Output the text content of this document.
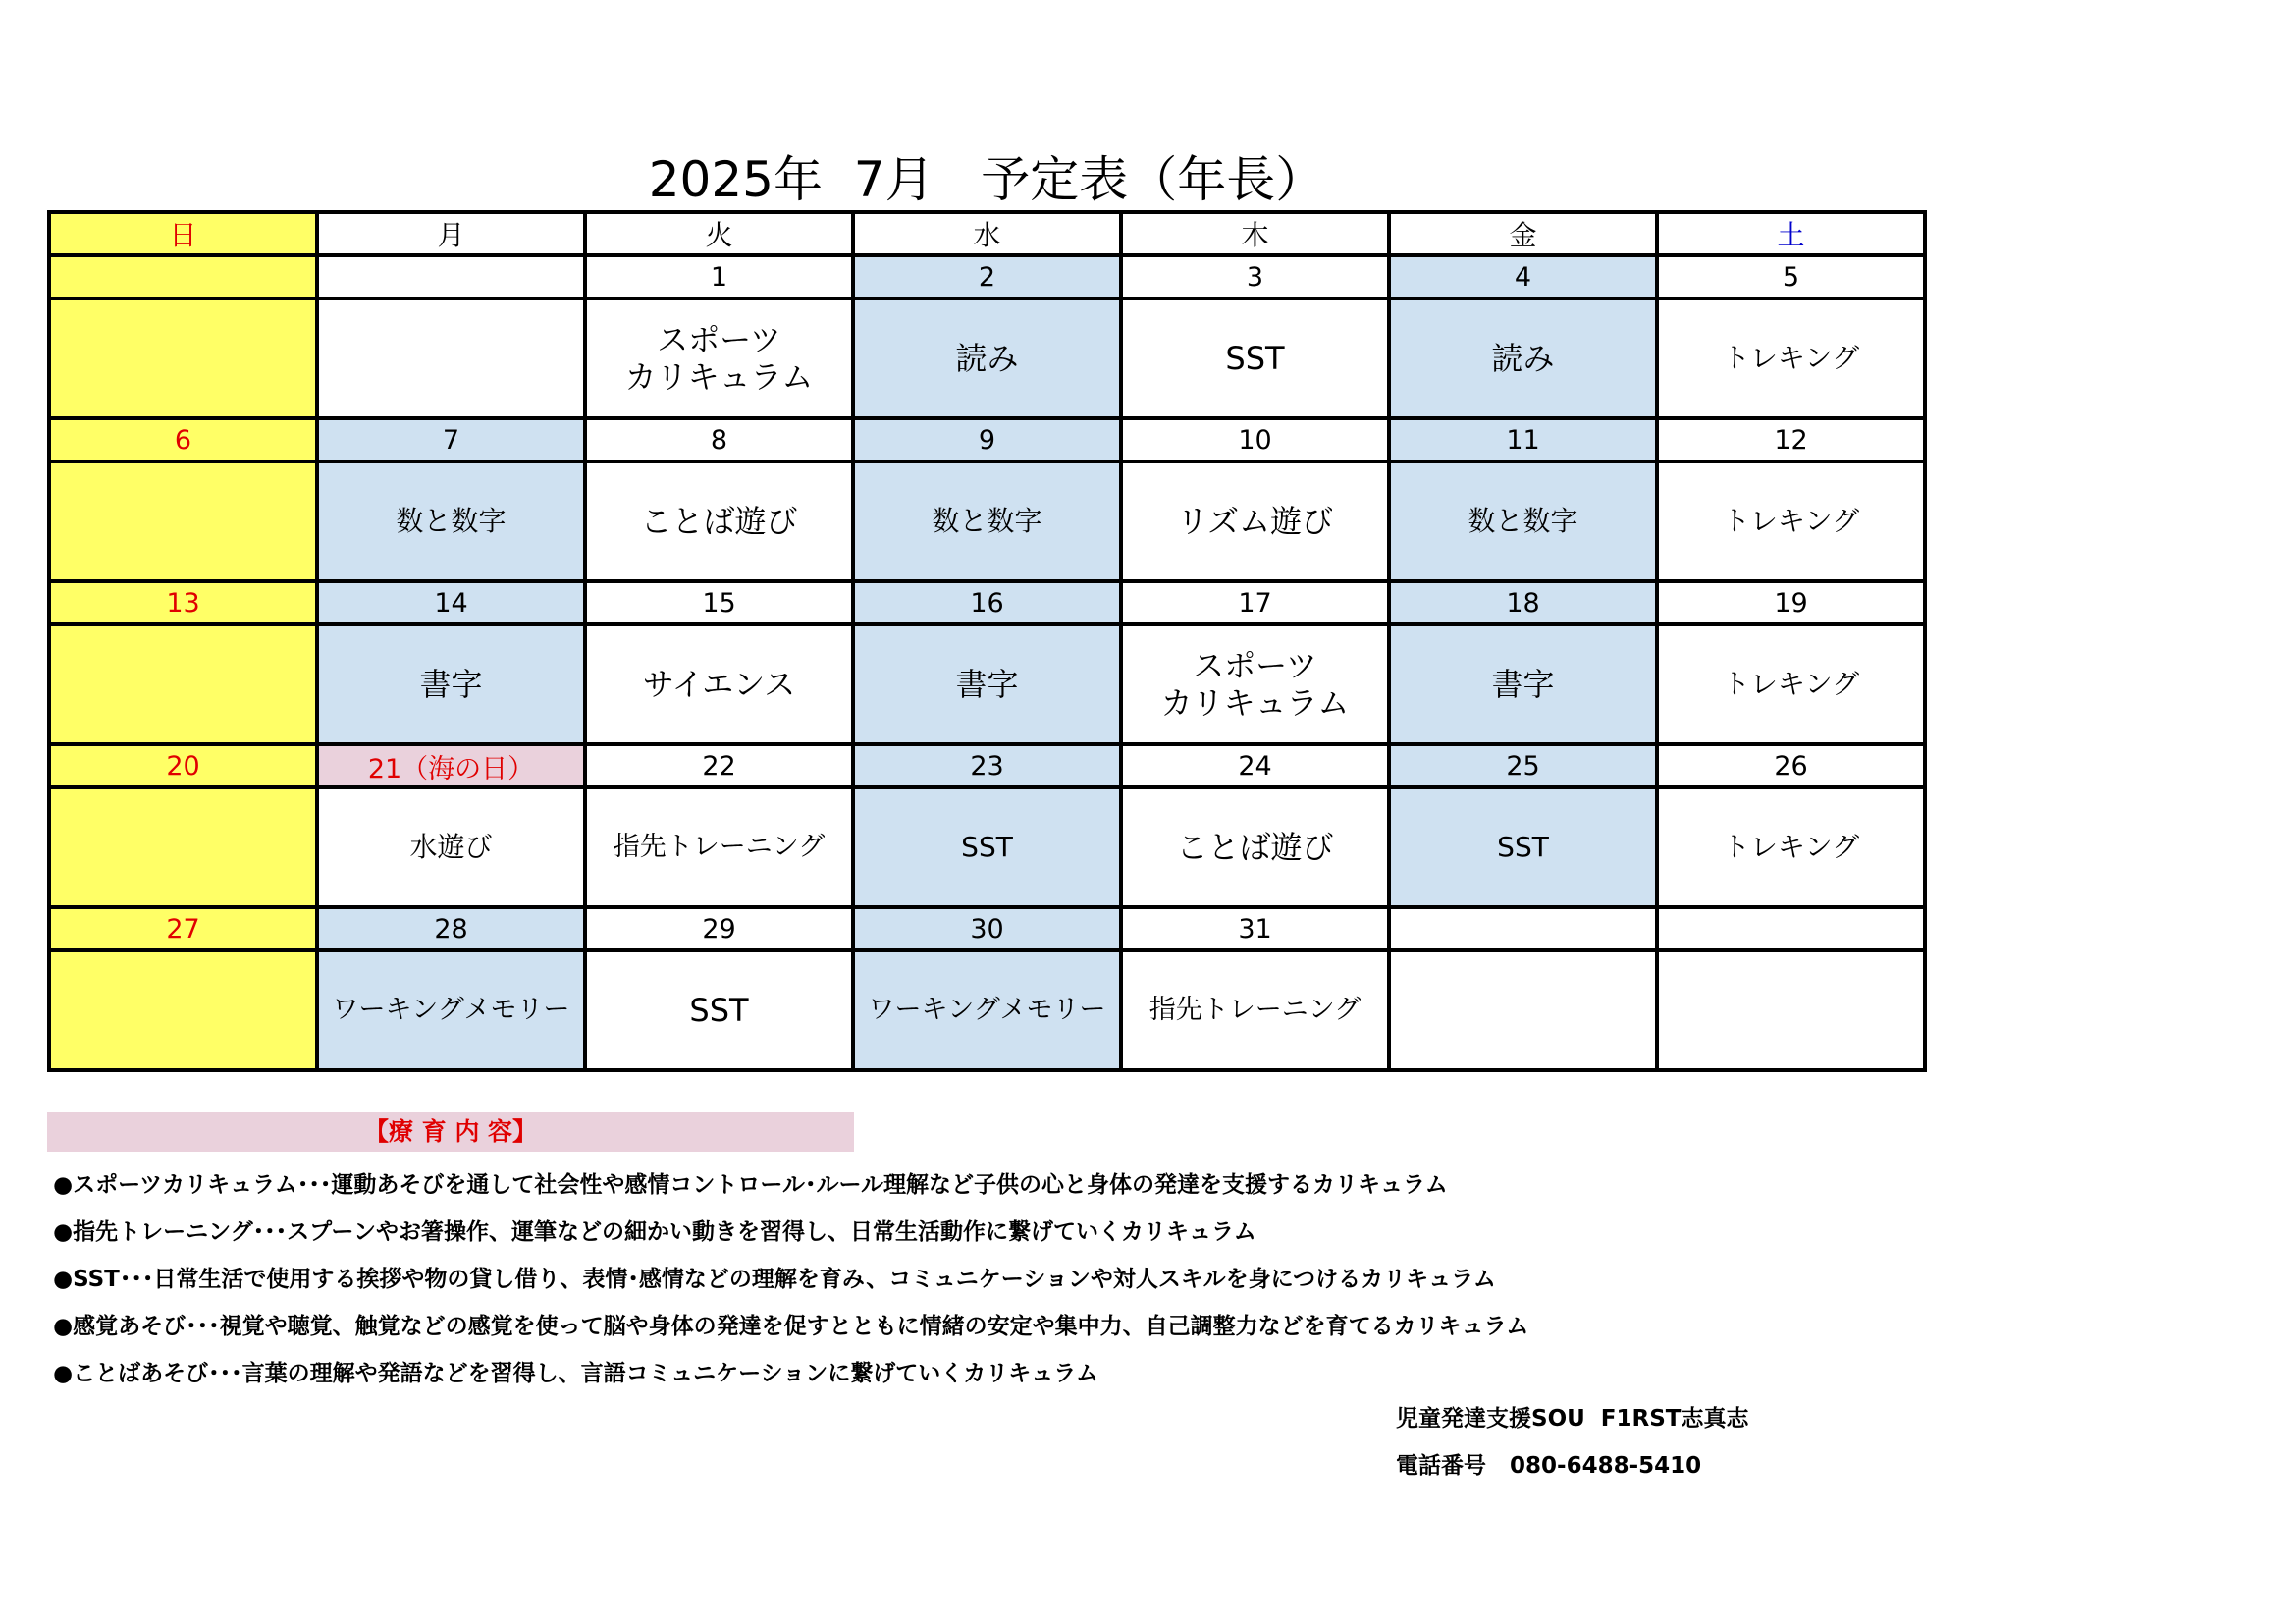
2025年  7月   予定表（年長）
日	月	火	水	木	金	土
		1	2	3	4	5
		スポーツ
カリキュラム	読み	SST	読み	トレキング
6	7	8	9	10	11	12
	数と数字	ことば遊び	数と数字	リズム遊び	数と数字	トレキング
13	14	15	16	17	18	19
	書字	サイエンス	書字	スポーツ
カリキュラム	書字	トレキング
20	21（海の日）	22	23	24	25	26
	水遊び	指先トレーニング	SST	ことば遊び	SST	トレキング
27	28	29	30	31		
	ワーキングメモリー	SST	ワーキングメモリー	指先トレーニング		
【療 育 内 容】
●スポーツカリキュラム･･･運動あそびを通して社会性や感情コントロール･ルール理解など子供の心と身体の発達を支援するカリキュラム
●指先トレーニング･･･スプーンやお箸操作、運筆などの細かい動きを習得し、日常生活動作に繋げていくカリキュラム
●SST･･･日常生活で使用する挨拶や物の貸し借り、表情･感情などの理解を育み、コミュニケーションや対人スキルを身につけるカリキュラム
●感覚あそび･･･視覚や聴覚、触覚などの感覚を使って脳や身体の発達を促すとともに情緒の安定や集中力、自己調整力などを育てるカリキュラム
●ことばあそび･･･言葉の理解や発語などを習得し、言語コミュニケーションに繋げていくカリキュラム
児童発達支援SOU  F1RST志真志
電話番号   080-6488-5410
